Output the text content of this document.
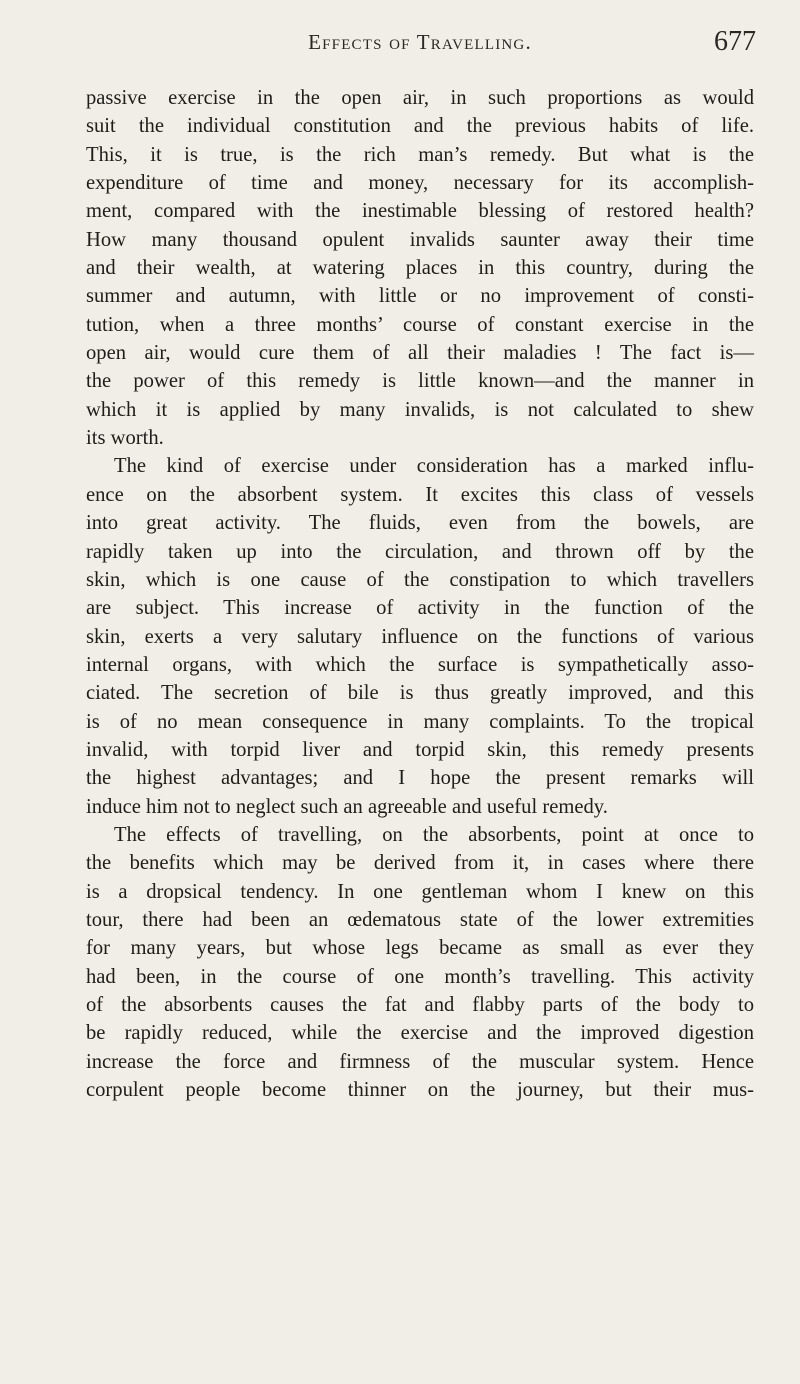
Effects of Travelling.	677
passive exercise in the open air, in such proportions as would
suit the individual constitution and the previous habits of life.
This, it is true, is the rich man’s remedy. But what is the
expenditure of time and money, necessary for its accomplish-
ment, compared with the inestimable blessing of restored health?
How many thousand opulent invalids saunter away their time
and their wealth, at watering places in this country, during the
summer and autumn, with little or no improvement of consti-
tution, when a three months’ course of constant exercise in the
open air, would cure them of all their maladies ! The fact is—
the power of this remedy is little known—and the manner in
which it is applied by many invalids, is not calculated to shew
its worth.
The kind of exercise under consideration has a marked influ-
ence on the absorbent system. It excites this class of vessels
into great activity. The fluids, even from the bowels, are
rapidly taken up into the circulation, and thrown off by the
skin, which is one cause of the constipation to which travellers
are subject. This increase of activity in the function of the
skin, exerts a very salutary influence on the functions of various
internal organs, with which the surface is sympathetically asso-
ciated. The secretion of bile is thus greatly improved, and this
is of no mean consequence in many complaints. To the tropical
invalid, with torpid liver and torpid skin, this remedy presents
the highest advantages; and I hope the present remarks will
induce him not to neglect such an agreeable and useful remedy.
The effects of travelling, on the absorbents, point at once to
the benefits which may be derived from it, in cases where there
is a dropsical tendency. In one gentleman whom I knew on this
tour, there had been an œdematous state of the lower extremities
for many years, but whose legs became as small as ever they
had been, in the course of one month’s travelling. This activity
of the absorbents causes the fat and flabby parts of the body to
be rapidly reduced, while the exercise and the improved digestion
increase the force and firmness of the muscular system. Hence
corpulent people become thinner on the journey, but their mus-
